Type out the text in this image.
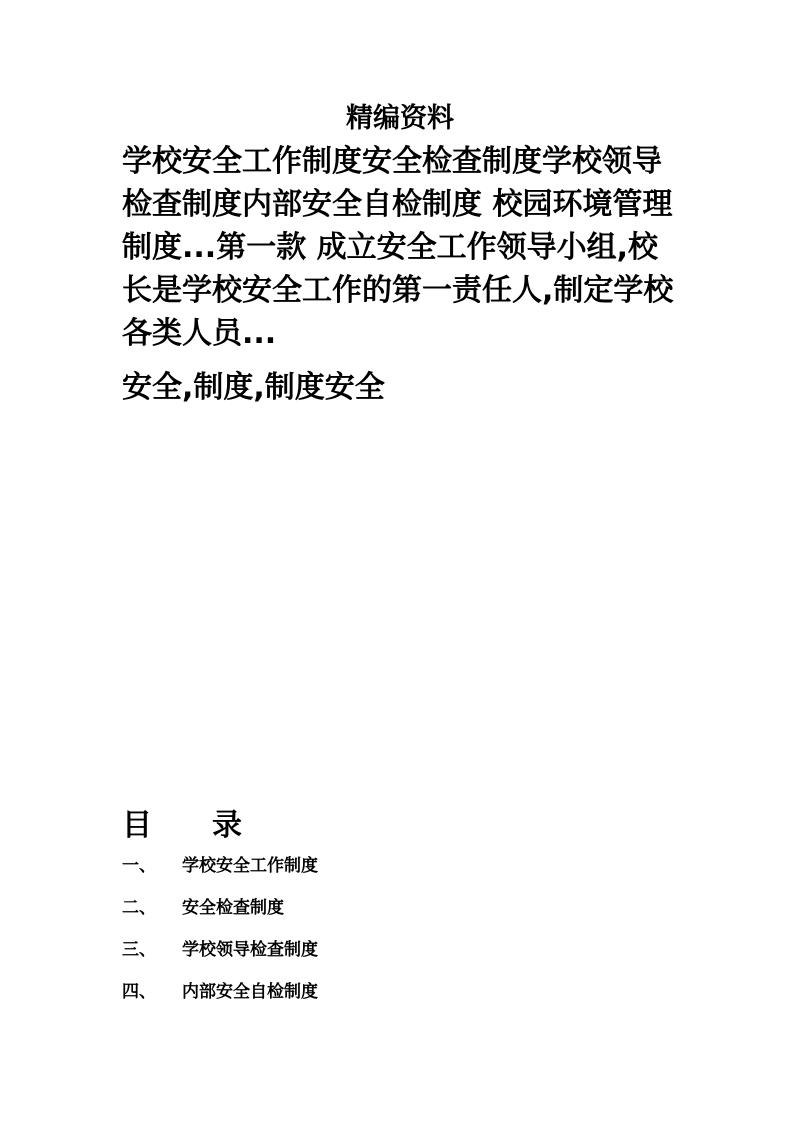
精编资料

学校安全工作制度安全检查制度学校领导检查制度内部安全自检制度 校园环境管理制度...第一款 成立安全工作领导小组,校长是学校安全工作的第一责任人,制定学校各类人员...

安全,制度,制度安全
目　　录
一、	学校安全工作制度
二、	安全检查制度
三、	学校领导检查制度
四、	内部安全自检制度
